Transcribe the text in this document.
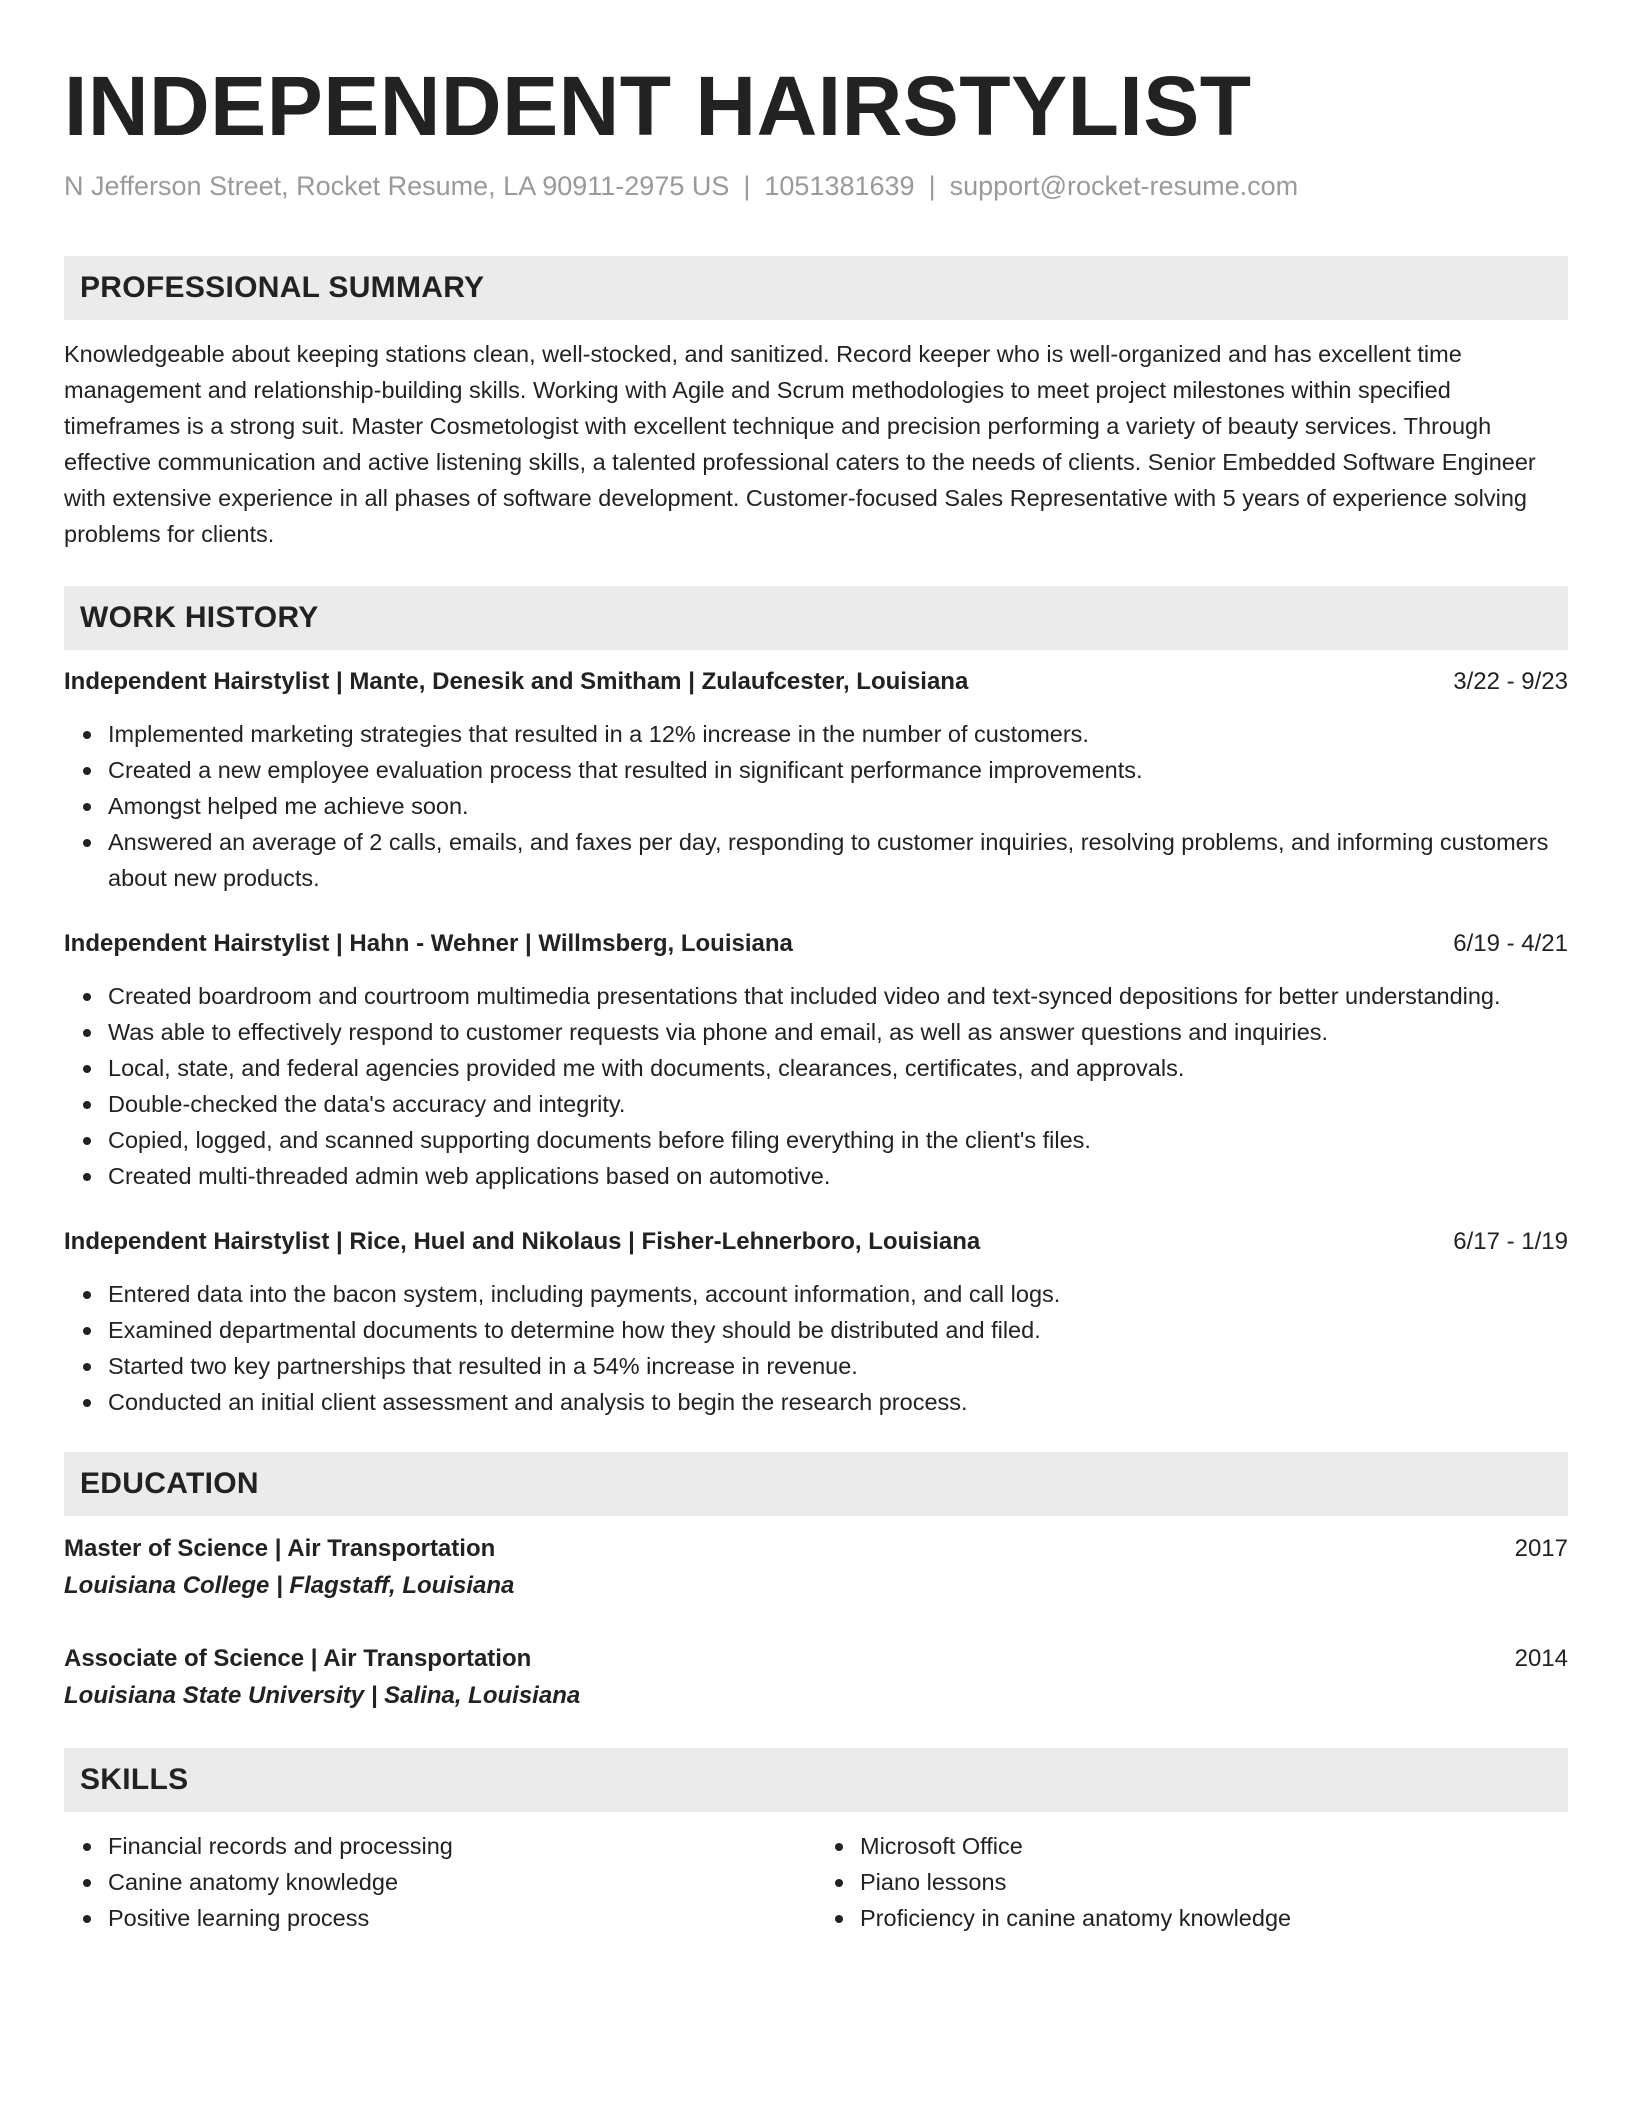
INDEPENDENT HAIRSTYLIST
N Jefferson Street, Rocket Resume, LA 90911-2975 US | 1051381639 | support@rocket-resume.com
PROFESSIONAL SUMMARY
Knowledgeable about keeping stations clean, well-stocked, and sanitized. Record keeper who is well-organized and has excellent time management and relationship-building skills. Working with Agile and Scrum methodologies to meet project milestones within specified timeframes is a strong suit. Master Cosmetologist with excellent technique and precision performing a variety of beauty services. Through effective communication and active listening skills, a talented professional caters to the needs of clients. Senior Embedded Software Engineer with extensive experience in all phases of software development. Customer-focused Sales Representative with 5 years of experience solving problems for clients.
WORK HISTORY
Independent Hairstylist | Mante, Denesik and Smitham | Zulaufcester, Louisiana	3/22 - 9/23
Implemented marketing strategies that resulted in a 12% increase in the number of customers.
Created a new employee evaluation process that resulted in significant performance improvements.
Amongst helped me achieve soon.
Answered an average of 2 calls, emails, and faxes per day, responding to customer inquiries, resolving problems, and informing customers about new products.
Independent Hairstylist | Hahn - Wehner | Willmsberg, Louisiana	6/19 - 4/21
Created boardroom and courtroom multimedia presentations that included video and text-synced depositions for better understanding.
Was able to effectively respond to customer requests via phone and email, as well as answer questions and inquiries.
Local, state, and federal agencies provided me with documents, clearances, certificates, and approvals.
Double-checked the data's accuracy and integrity.
Copied, logged, and scanned supporting documents before filing everything in the client's files.
Created multi-threaded admin web applications based on automotive.
Independent Hairstylist | Rice, Huel and Nikolaus | Fisher-Lehnerboro, Louisiana	6/17 - 1/19
Entered data into the bacon system, including payments, account information, and call logs.
Examined departmental documents to determine how they should be distributed and filed.
Started two key partnerships that resulted in a 54% increase in revenue.
Conducted an initial client assessment and analysis to begin the research process.
EDUCATION
Master of Science | Air Transportation	2017
Louisiana College | Flagstaff, Louisiana
Associate of Science | Air Transportation	2014
Louisiana State University | Salina, Louisiana
SKILLS
Financial records and processing
Canine anatomy knowledge
Positive learning process
Microsoft Office
Piano lessons
Proficiency in canine anatomy knowledge
